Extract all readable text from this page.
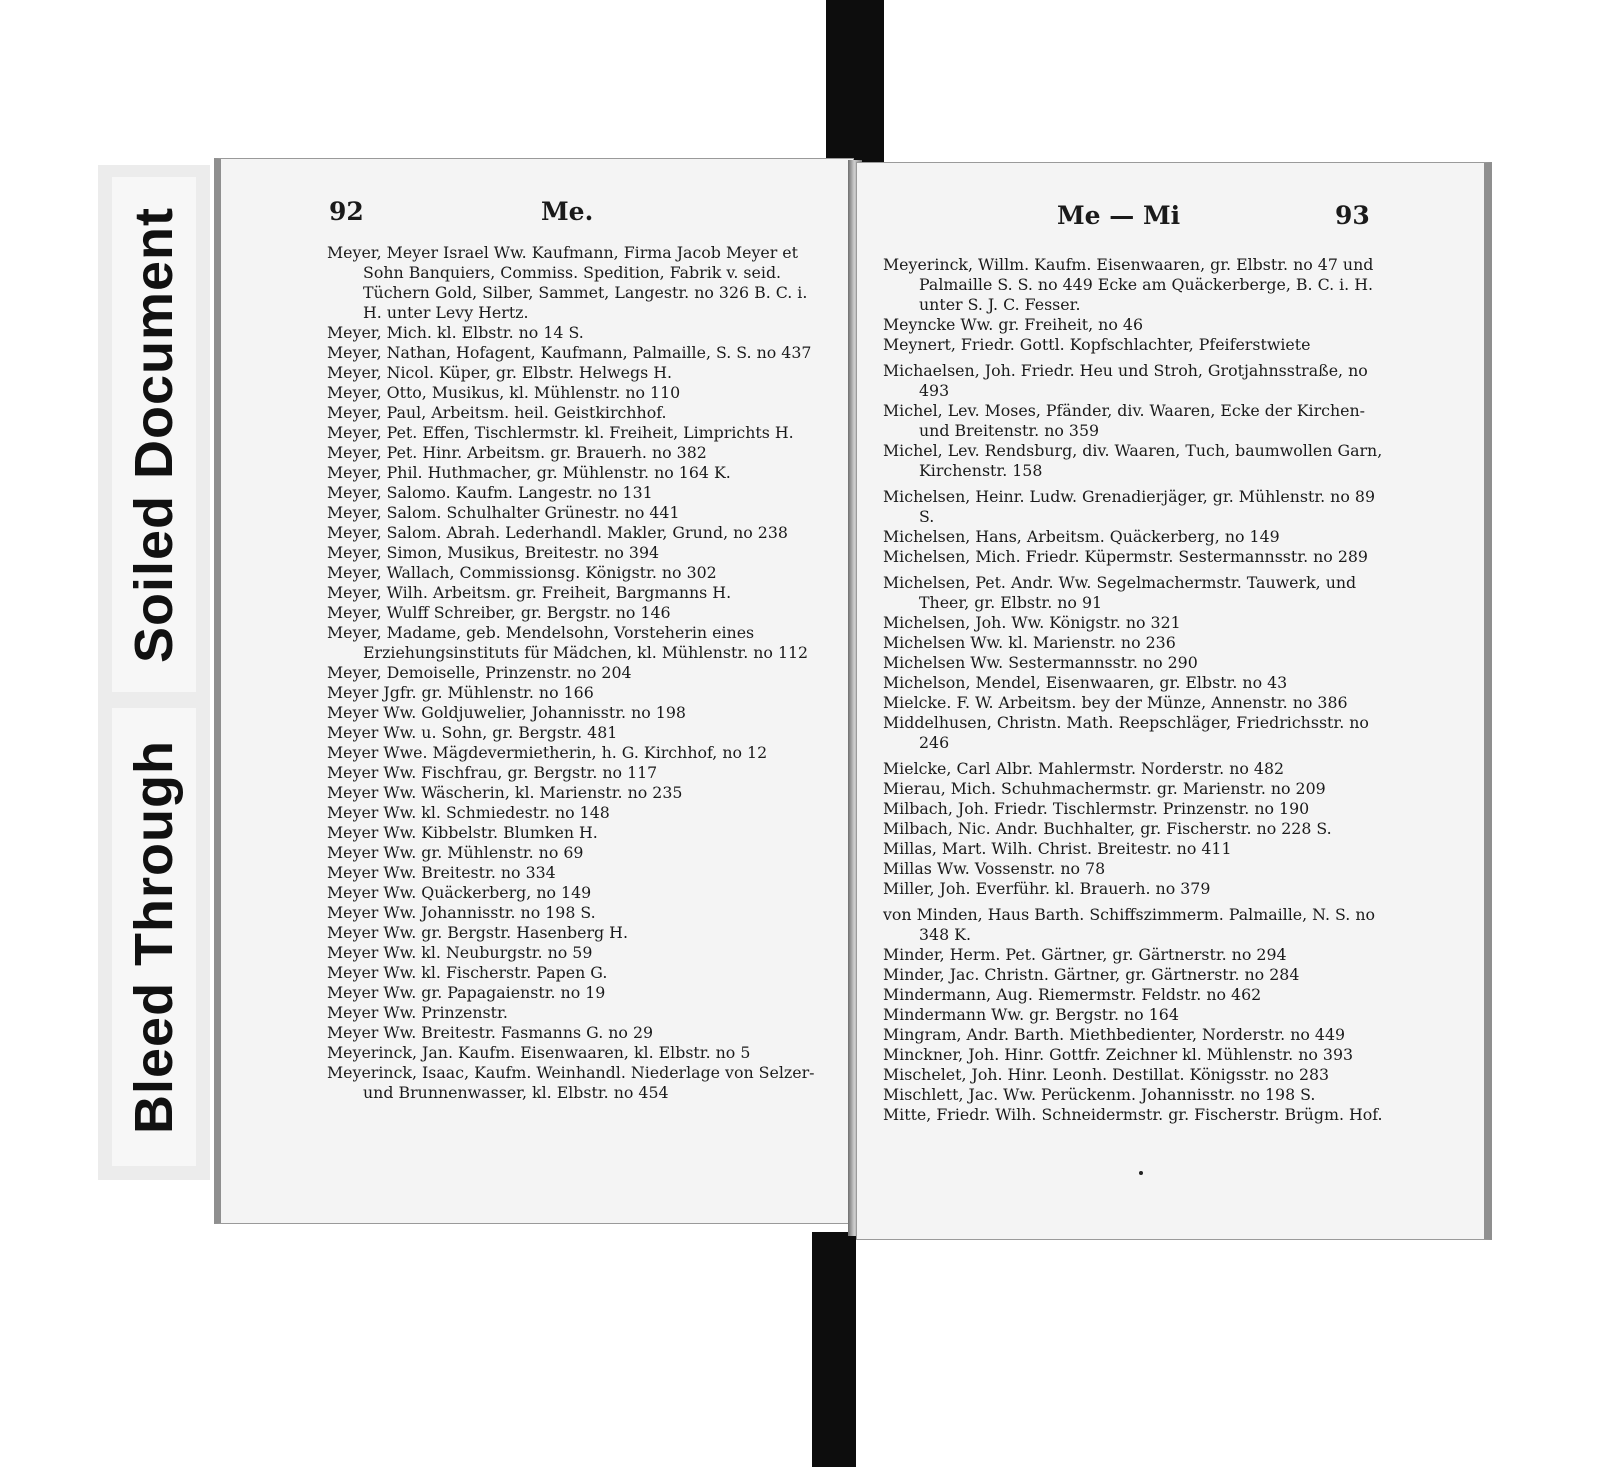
Soiled Document
Bleed Through
92	Me.
Meyer, Meyer Israel Ww. Kaufmann, Firma Jacob Meyer et Sohn Banquiers, Commiss. Spedition, Fabrik v. seid. Tüchern Gold, Silber, Sammet, Langestr. no 326 B. C. i. H. unter Levy Hertz.
Meyer, Mich. kl. Elbstr. no 14 S.
Meyer, Nathan, Hofagent, Kaufmann, Palmaille, S. S. no 437
Meyer, Nicol. Küper, gr. Elbstr. Helwegs H.
Meyer, Otto, Musikus, kl. Mühlenstr. no 110
Meyer, Paul, Arbeitsm. heil. Geistkirchhof.
Meyer, Pet. Effen, Tischlermstr. kl. Freiheit, Limprichts H.
Meyer, Pet. Hinr. Arbeitsm. gr. Brauerh. no 382
Meyer, Phil. Huthmacher, gr. Mühlenstr. no 164 K.
Meyer, Salomo. Kaufm. Langestr. no 131
Meyer, Salom. Schulhalter Grünestr. no 441
Meyer, Salom. Abrah. Lederhandl. Makler, Grund, no 238
Meyer, Simon, Musikus, Breitestr. no 394
Meyer, Wallach, Commissionsg. Königstr. no 302
Meyer, Wilh. Arbeitsm. gr. Freiheit, Bargmanns H.
Meyer, Wulff Schreiber, gr. Bergstr. no 146
Meyer, Madame, geb. Mendelsohn, Vorsteherin eines Erziehungsinstituts für Mädchen, kl. Mühlenstr. no 112
Meyer, Demoiselle, Prinzenstr. no 204
Meyer Jgfr. gr. Mühlenstr. no 166
Meyer Ww. Goldjuwelier, Johannisstr. no 198
Meyer Ww. u. Sohn, gr. Bergstr. 481
Meyer Wwe. Mägdevermietherin, h. G. Kirchhof, no 12
Meyer Ww. Fischfrau, gr. Bergstr. no 117
Meyer Ww. Wäscherin, kl. Marienstr. no 235
Meyer Ww. kl. Schmiedestr. no 148
Meyer Ww. Kibbelstr. Blumken H.
Meyer Ww. gr. Mühlenstr. no 69
Meyer Ww. Breitestr. no 334
Meyer Ww. Quäckerberg, no 149
Meyer Ww. Johannisstr. no 198 S.
Meyer Ww. gr. Bergstr. Hasenberg H.
Meyer Ww. kl. Neuburgstr. no 59
Meyer Ww. kl. Fischerstr. Papen G.
Meyer Ww. gr. Papagaienstr. no 19
Meyer Ww. Prinzenstr.
Meyer Ww. Breitestr. Fasmanns G. no 29
Meyerinck, Jan. Kaufm. Eisenwaaren, kl. Elbstr. no 5
Meyerinck, Isaac, Kaufm. Weinhandl. Niederlage von Selzer- und Brunnenwasser, kl. Elbstr. no 454
Me — Mi	93
Meyerinck, Willm. Kaufm. Eisenwaaren, gr. Elbstr. no 47 und Palmaille S. S. no 449 Ecke am Quäckerberge, B. C. i. H. unter S. J. C. Fesser.
Meyncke Ww. gr. Freiheit, no 46
Meynert, Friedr. Gottl. Kopfschlachter, Pfeiferstwiete
Michaelsen, Joh. Friedr. Heu und Stroh, Grotjahnsstraße, no 493
Michel, Lev. Moses, Pfänder, div. Waaren, Ecke der Kirchen- und Breitenstr. no 359
Michel, Lev. Rendsburg, div. Waaren, Tuch, baumwollen Garn, Kirchenstr. 158
Michelsen, Heinr. Ludw. Grenadierjäger, gr. Mühlenstr. no 89 S.
Michelsen, Hans, Arbeitsm. Quäckerberg, no 149
Michelsen, Mich. Friedr. Küpermstr. Sestermannsstr. no 289
Michelsen, Pet. Andr. Ww. Segelmachermstr. Tauwerk, und Theer, gr. Elbstr. no 91
Michelsen, Joh. Ww. Königstr. no 321
Michelsen Ww. kl. Marienstr. no 236
Michelsen Ww. Sestermannsstr. no 290
Michelson, Mendel, Eisenwaaren, gr. Elbstr. no 43
Mielcke. F. W. Arbeitsm. bey der Münze, Annenstr. no 386
Middelhusen, Christn. Math. Reepschläger, Friedrichsstr. no 246
Mielcke, Carl Albr. Mahlermstr. Norderstr. no 482
Mierau, Mich. Schuhmachermstr. gr. Marienstr. no 209
Milbach, Joh. Friedr. Tischlermstr. Prinzenstr. no 190
Milbach, Nic. Andr. Buchhalter, gr. Fischerstr. no 228 S.
Millas, Mart. Wilh. Christ. Breitestr. no 411
Millas Ww. Vossenstr. no 78
Miller, Joh. Everführ. kl. Brauerh. no 379
von Minden, Haus Barth. Schiffszimmerm. Palmaille, N. S. no 348 K.
Minder, Herm. Pet. Gärtner, gr. Gärtnerstr. no 294
Minder, Jac. Christn. Gärtner, gr. Gärtnerstr. no 284
Mindermann, Aug. Riemermstr. Feldstr. no 462
Mindermann Ww. gr. Bergstr. no 164
Mingram, Andr. Barth. Miethbedienter, Norderstr. no 449
Minckner, Joh. Hinr. Gottfr. Zeichner kl. Mühlenstr. no 393
Mischelet, Joh. Hinr. Leonh. Destillat. Königsstr. no 283
Mischlett, Jac. Ww. Perückenm. Johannisstr. no 198 S.
Mitte, Friedr. Wilh. Schneidermstr. gr. Fischerstr. Brügm. Hof.
